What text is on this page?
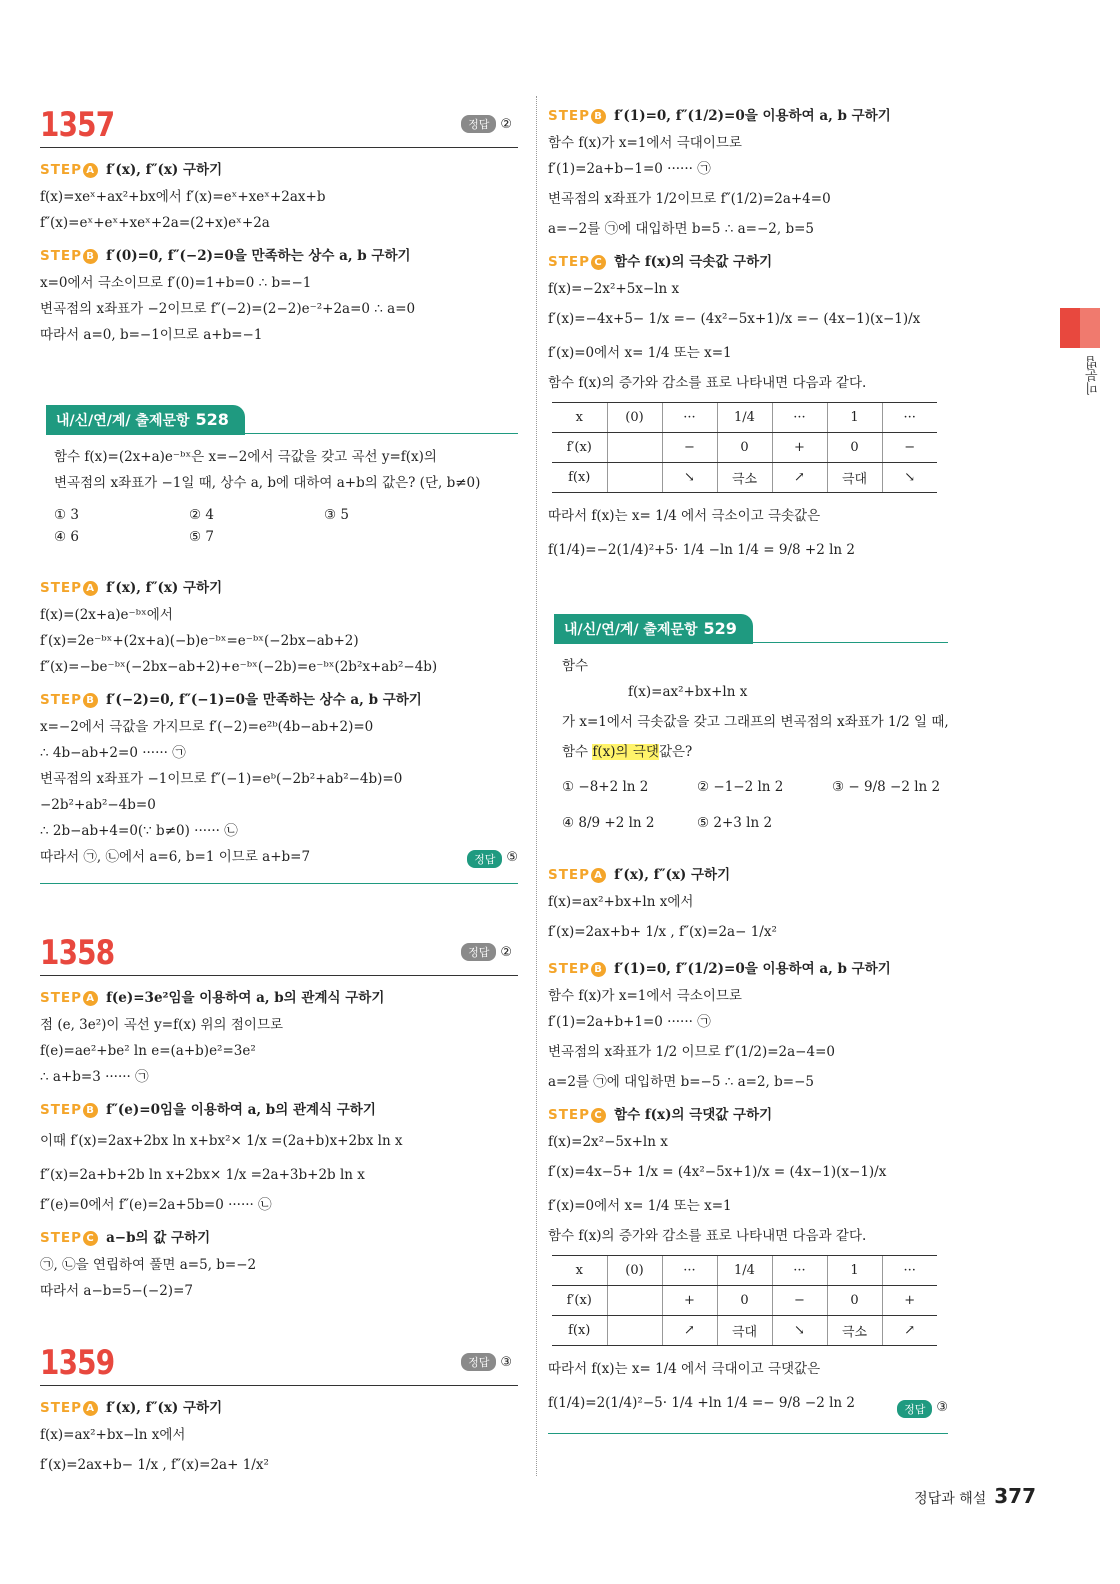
미분법
1357	정답 ②
STEP A f′(x), f″(x) 구하기
f(x)=xeˣ+ax²+bx에서 f′(x)=eˣ+xeˣ+2ax+b
f″(x)=eˣ+eˣ+xeˣ+2a=(2+x)eˣ+2a
STEP B f′(0)=0, f″(−2)=0을 만족하는 상수 a, b 구하기
x=0에서 극소이므로 f′(0)=1+b=0 ∴ b=−1
변곡점의 x좌표가 −2이므로 f″(−2)=(2−2)e⁻²+2a=0 ∴ a=0
따라서 a=0, b=−1이므로 a+b=−1
내/신/연/계/ 출제문항 528
함수 f(x)=(2x+a)e⁻ᵇˣ은 x=−2에서 극값을 갖고 곡선 y=f(x)의
변곡점의 x좌표가 −1일 때, 상수 a, b에 대하여 a+b의 값은? (단, b≠0)
① 3	② 4	③ 5
④ 6	⑤ 7
STEP A f′(x), f″(x) 구하기
f(x)=(2x+a)e⁻ᵇˣ에서
f′(x)=2e⁻ᵇˣ+(2x+a)(−b)e⁻ᵇˣ=e⁻ᵇˣ(−2bx−ab+2)
f″(x)=−be⁻ᵇˣ(−2bx−ab+2)+e⁻ᵇˣ(−2b)=e⁻ᵇˣ(2b²x+ab²−4b)
STEP B f′(−2)=0, f″(−1)=0을 만족하는 상수 a, b 구하기
x=−2에서 극값을 가지므로 f′(−2)=e²ᵇ(4b−ab+2)=0
∴ 4b−ab+2=0 ······ ㉠
변곡점의 x좌표가 −1이므로 f″(−1)=eᵇ(−2b²+ab²−4b)=0
−2b²+ab²−4b=0
∴ 2b−ab+4=0(∵ b≠0) ······ ㉡
따라서 ㉠, ㉡에서 a=6, b=1 이므로 a+b=7	정답 ⑤
1358	정답 ②
STEP A f(e)=3e²임을 이용하여 a, b의 관계식 구하기
점 (e, 3e²)이 곡선 y=f(x) 위의 점이므로
f(e)=ae²+be² ln e=(a+b)e²=3e²
∴ a+b=3 ······ ㉠
STEP B f″(e)=0임을 이용하여 a, b의 관계식 구하기
이때 f′(x)=2ax+2bx ln x+bx²× 1/x =(2a+b)x+2bx ln x
f″(x)=2a+b+2b ln x+2bx× 1/x =2a+3b+2b ln x
f″(e)=0에서 f″(e)=2a+5b=0 ······ ㉡
STEP C a−b의 값 구하기
㉠, ㉡을 연립하여 풀면 a=5, b=−2
따라서 a−b=5−(−2)=7
1359	정답 ③
STEP A f′(x), f″(x) 구하기
f(x)=ax²+bx−ln x에서
f′(x)=2ax+b− 1/x , f″(x)=2a+ 1/x²
STEP B f′(1)=0, f″(1/2)=0을 이용하여 a, b 구하기
함수 f(x)가 x=1에서 극대이므로
f′(1)=2a+b−1=0 ······ ㉠
변곡점의 x좌표가 1/2이므로 f″(1/2)=2a+4=0
a=−2를 ㉠에 대입하면 b=5 ∴ a=−2, b=5
STEP C 함수 f(x)의 극솟값 구하기
f(x)=−2x²+5x−ln x
f′(x)=−4x+5− 1/x =− (4x²−5x+1)/x =− (4x−1)(x−1)/x
f′(x)=0에서 x= 1/4 또는 x=1
함수 f(x)의 증가와 감소를 표로 나타내면 다음과 같다.
x	(0)	···	1/4	···	1	···
f′(x)		−	0	+	0	−
f(x)		↘	극소	↗	극대	↘
따라서 f(x)는 x= 1/4 에서 극소이고 극솟값은
f(1/4)=−2(1/4)²+5· 1/4 −ln 1/4 = 9/8 +2 ln 2
내/신/연/계/ 출제문항 529
함수
f(x)=ax²+bx+ln x
가 x=1에서 극솟값을 갖고 그래프의 변곡점의 x좌표가 1/2 일 때,
함수 f(x)의 극댓값은?
① −8+2 ln 2	② −1−2 ln 2	③ − 9/8 −2 ln 2
④ 8/9 +2 ln 2	⑤ 2+3 ln 2
STEP A f′(x), f″(x) 구하기
f(x)=ax²+bx+ln x에서
f′(x)=2ax+b+ 1/x , f″(x)=2a− 1/x²
STEP B f′(1)=0, f″(1/2)=0을 이용하여 a, b 구하기
함수 f(x)가 x=1에서 극소이므로
f′(1)=2a+b+1=0 ······ ㉠
변곡점의 x좌표가 1/2 이므로 f″(1/2)=2a−4=0
a=2를 ㉠에 대입하면 b=−5 ∴ a=2, b=−5
STEP C 함수 f(x)의 극댓값 구하기
f(x)=2x²−5x+ln x
f′(x)=4x−5+ 1/x = (4x²−5x+1)/x = (4x−1)(x−1)/x
f′(x)=0에서 x= 1/4 또는 x=1
함수 f(x)의 증가와 감소를 표로 나타내면 다음과 같다.
x	(0)	···	1/4	···	1	···
f′(x)		+	0	−	0	+
f(x)		↗	극대	↘	극소	↗
따라서 f(x)는 x= 1/4 에서 극대이고 극댓값은
f(1/4)=2(1/4)²−5· 1/4 +ln 1/4 =− 9/8 −2 ln 2	정답 ③
정답과 해설 377
